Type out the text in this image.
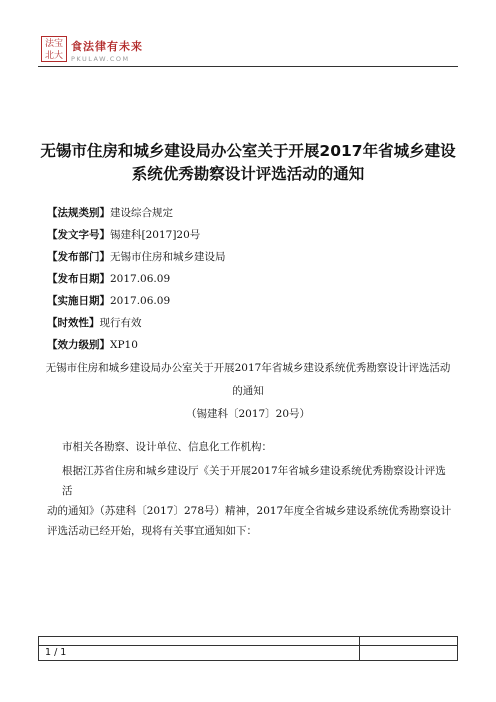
法宝
北大
食法律有未来
PKULAW.COM
无锡市住房和城乡建设局办公室关于开展2017年省城乡建设
系统优秀勘察设计评选活动的通知
【法规类别】建设综合规定
【发文字号】锡建科[2017]20号
【发布部门】无锡市住房和城乡建设局
【发布日期】2017.06.09
【实施日期】2017.06.09
【时效性】现行有效
【效力级别】XP10
无锡市住房和城乡建设局办公室关于开展2017年省城乡建设系统优秀勘察设计评选活动
的通知
（锡建科〔2017〕20号）
市相关各勘察、设计单位、信息化工作机构：
根据江苏省住房和城乡建设厅《关于开展2017年省城乡建设系统优秀勘察设计评选活
动的通知》（苏建科〔2017〕278号）精神，2017年度全省城乡建设系统优秀勘察设计
评选活动已经开始，现将有关事宜通知如下：
1 / 1
